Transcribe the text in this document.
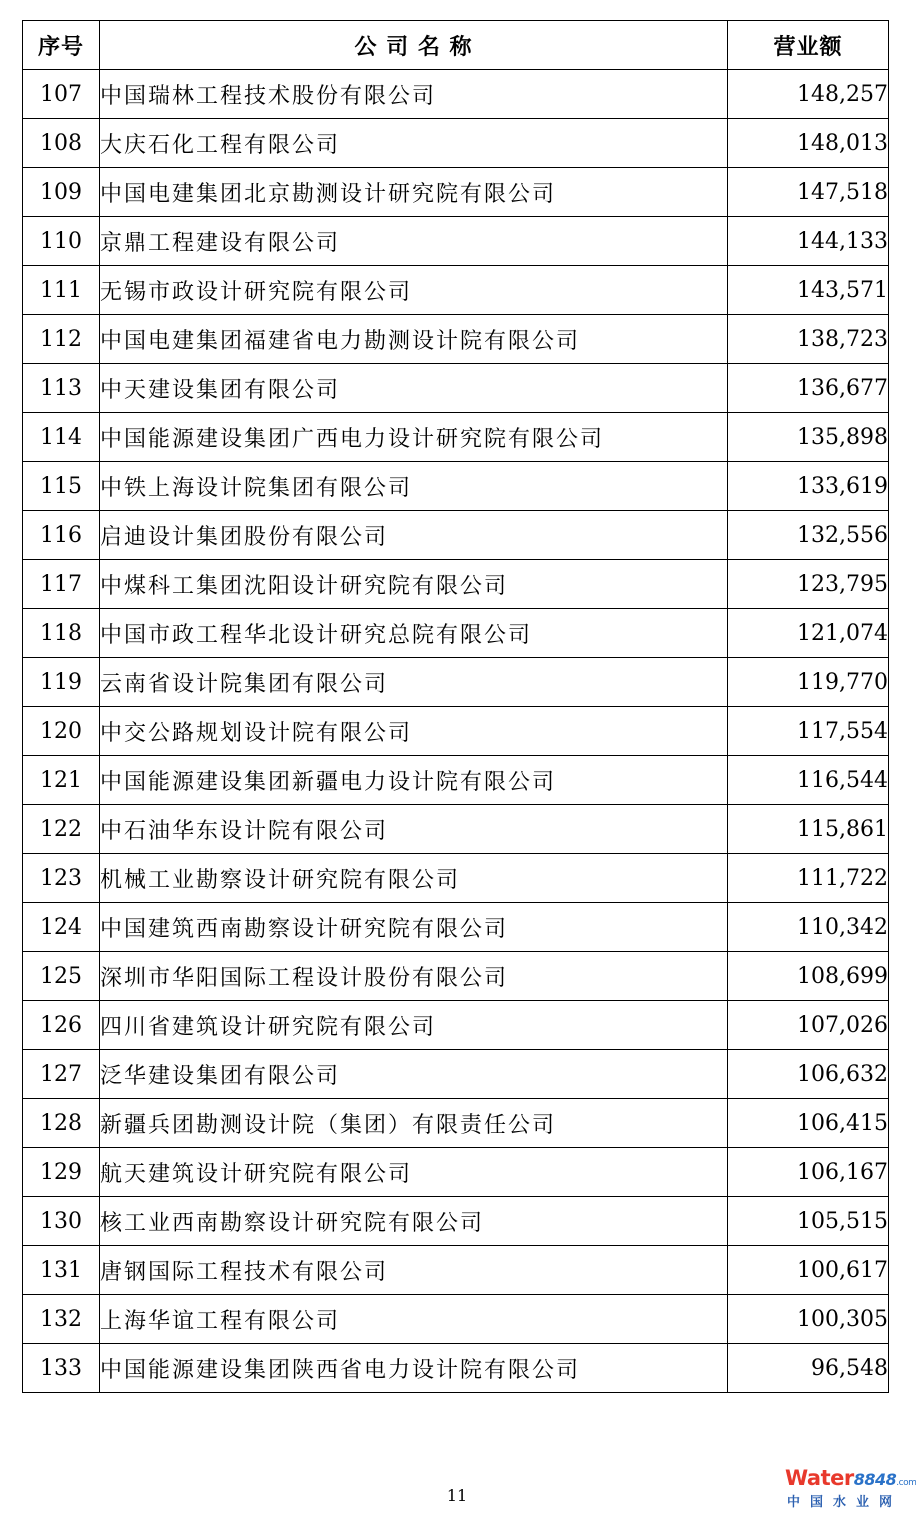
序号	公 司 名 称	营业额
107	中国瑞林工程技术股份有限公司	148,257
108	大庆石化工程有限公司	148,013
109	中国电建集团北京勘测设计研究院有限公司	147,518
110	京鼎工程建设有限公司	144,133
111	无锡市政设计研究院有限公司	143,571
112	中国电建集团福建省电力勘测设计院有限公司	138,723
113	中天建设集团有限公司	136,677
114	中国能源建设集团广西电力设计研究院有限公司	135,898
115	中铁上海设计院集团有限公司	133,619
116	启迪设计集团股份有限公司	132,556
117	中煤科工集团沈阳设计研究院有限公司	123,795
118	中国市政工程华北设计研究总院有限公司	121,074
119	云南省设计院集团有限公司	119,770
120	中交公路规划设计院有限公司	117,554
121	中国能源建设集团新疆电力设计院有限公司	116,544
122	中石油华东设计院有限公司	115,861
123	机械工业勘察设计研究院有限公司	111,722
124	中国建筑西南勘察设计研究院有限公司	110,342
125	深圳市华阳国际工程设计股份有限公司	108,699
126	四川省建筑设计研究院有限公司	107,026
127	泛华建设集团有限公司	106,632
128	新疆兵团勘测设计院（集团）有限责任公司	106,415
129	航天建筑设计研究院有限公司	106,167
130	核工业西南勘察设计研究院有限公司	105,515
131	唐钢国际工程技术有限公司	100,617
132	上海华谊工程有限公司	100,305
133	中国能源建设集团陕西省电力设计院有限公司	96,548
11
Water8848.com
中国水业网
